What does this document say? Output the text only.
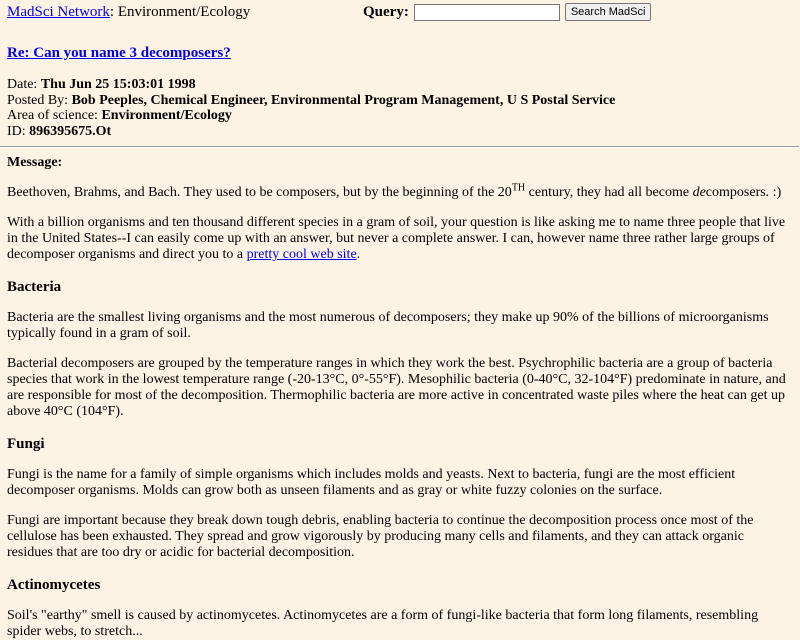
MadSci Network: Environment/Ecology	Query:	Search MadSci
Re: Can you name 3 decomposers?
Date: Thu Jun 25 15:03:01 1998
Posted By: Bob Peeples, Chemical Engineer, Environmental Program Management, U S Postal Service
Area of science: Environment/Ecology
ID: 896395675.Ot
Message:

Beethoven, Brahms, and Bach. They used to be composers, but by the beginning of the 20TH century, they had all become decomposers. :)

With a billion organisms and ten thousand different species in a gram of soil, your question is like asking me to name three people that live in the United States--I can easily come up with an answer, but never a complete answer. I can, however name three rather large groups of decomposer organisms and direct you to a pretty cool web site.

Bacteria

Bacteria are the smallest living organisms and the most numerous of decomposers; they make up 90% of the billions of microorganisms typically found in a gram of soil.

Bacterial decomposers are grouped by the temperature ranges in which they work the best. Psychrophilic bacteria are a group of bacteria species that work in the lowest temperature range (-20-13°C, 0°-55°F). Mesophilic bacteria (0-40°C, 32-104°F) predominate in nature, and are responsible for most of the decomposition. Thermophilic bacteria are more active in concentrated waste piles where the heat can get up above 40°C (104°F).

Fungi

Fungi is the name for a family of simple organisms which includes molds and yeasts. Next to bacteria, fungi are the most efficient decomposer organisms. Molds can grow both as unseen filaments and as gray or white fuzzy colonies on the surface.

Fungi are important because they break down tough debris, enabling bacteria to continue the decomposition process once most of the cellulose has been exhausted. They spread and grow vigorously by producing many cells and filaments, and they can attack organic residues that are too dry or acidic for bacterial decomposition.

Actinomycetes

Soil's "earthy" smell is caused by actinomycetes. Actinomycetes are a form of fungi-like bacteria that form long filaments, resembling spider webs, to stretch...
